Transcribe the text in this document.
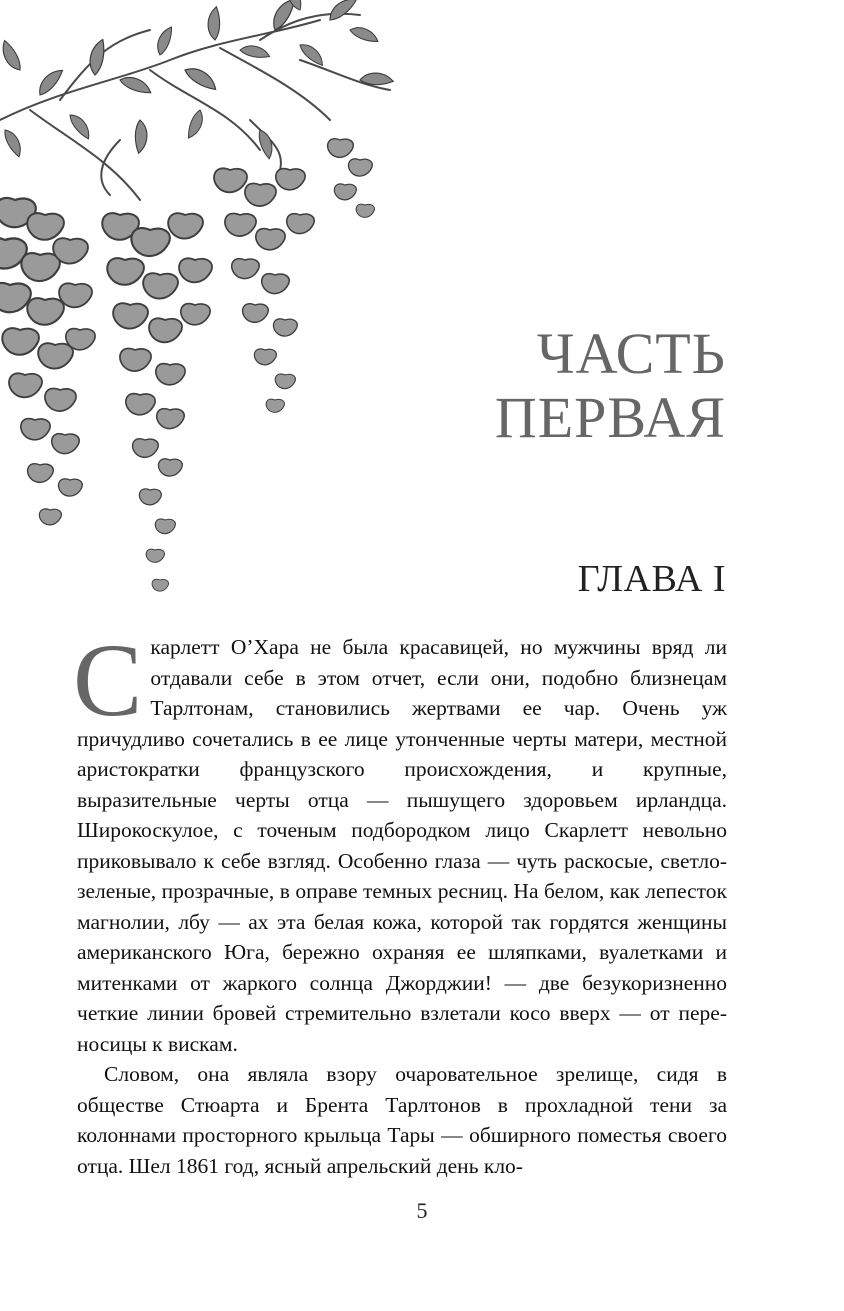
ЧАСТЬ
ПЕРВАЯ
ГЛАВА I

Скарлетт О’Хара не была красавицей, но мужчины вряд ли отдавали себе в этом отчет, если они, подобно близнецам Тарлтонам, становились жертвами ее чар. Очень уж причудливо сочетались в ее лице утонченные черты матери, местной аристократки французского происхождения, и крупные, выразительные черты отца — пышущего здоровьем ирландца. Широкоскулое, с точеным подбородком лицо Скарлетт невольно приковывало к себе взгляд. Особенно глаза — чуть раскосые, светло-зеленые, прозрачные, в оправе темных ресниц. На белом, как лепесток магнолии, лбу — ах эта белая кожа, которой так гордятся женщины американского Юга, бережно охраняя ее шляпками, вуалетками и митенками от жаркого солнца Джорджии! — две безукоризненно четкие линии бровей стремительно взлетали косо вверх — от переносицы к вискам.

Словом, она являла взору очаровательное зрелище, сидя в обществе Стюарта и Брента Тарлтонов в прохладной тени за колоннами просторного крыльца Тары — обширного поместья своего отца. Шел 1861 год, ясный апрельский день кло-

5
